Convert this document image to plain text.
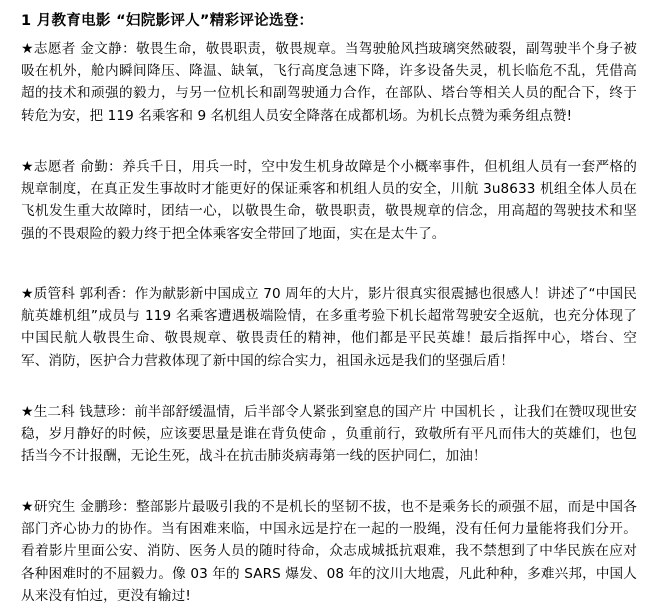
1 月教育电影 “妇院影评人”精彩评论选登：
★志愿者 金文静：敬畏生命，敬畏职责，敬畏规章。当驾驶舱风挡玻璃突然破裂，副驾驶半个身子被吸在机外，舱内瞬间降压、降温、缺氧，飞行高度急速下降，许多设备失灵，机长临危不乱，凭借高超的技术和顽强的毅力，与另一位机长和副驾驶通力合作，在部队、塔台等相关人员的配合下，终于转危为安，把 119 名乘客和 9 名机组人员安全降落在成都机场。为机长点赞为乘务组点赞!
★志愿者 俞勤：养兵千日，用兵一时，空中发生机身故障是个小概率事件，但机组人员有一套严格的规章制度，在真正发生事故时才能更好的保证乘客和机组人员的安全，川航 3u8633 机组全体人员在飞机发生重大故障时，团结一心，以敬畏生命，敬畏职责，敬畏规章的信念，用高超的驾驶技术和坚强的不畏艰险的毅力终于把全体乘客安全带回了地面，实在是太牛了。
★质管科 郭利香：作为献影新中国成立 70 周年的大片，影片很真实很震撼也很感人！讲述了“中国民航英雄机组”成员与 119 名乘客遭遇极端险情，在多重考验下机长超常驾驶安全返航，也充分体现了中国民航人敬畏生命、敬畏规章、敬畏责任的精神，他们都是平民英雄！最后指挥中心，塔台、空军、消防，医护合力营救体现了新中国的综合实力，祖国永远是我们的坚强后盾！
★生二科 钱慧珍：前半部舒缓温情，后半部令人紧张到窒息的国产片 中国机长 ，让我们在赞叹现世安稳，岁月静好的时候，应该要思量是谁在背负使命 ，负重前行，致敬所有平凡而伟大的英雄们，也包括当今不计报酬，无论生死，战斗在抗击肺炎病毒第一线的医护同仁，加油！
★研究生 金鹏珍：整部影片最吸引我的不是机长的坚韧不拔，也不是乘务长的顽强不屈，而是中国各部门齐心协力的协作。当有困难来临，中国永远是拧在一起的一股绳，没有任何力量能将我们分开。看着影片里面公安、消防、医务人员的随时待命，众志成城抵抗艰难，我不禁想到了中华民族在应对各种困难时的不屈毅力。像 03 年的 SARS 爆发、08 年的汶川大地震，凡此种种，多难兴邦，中国人从来没有怕过，更没有输过!
